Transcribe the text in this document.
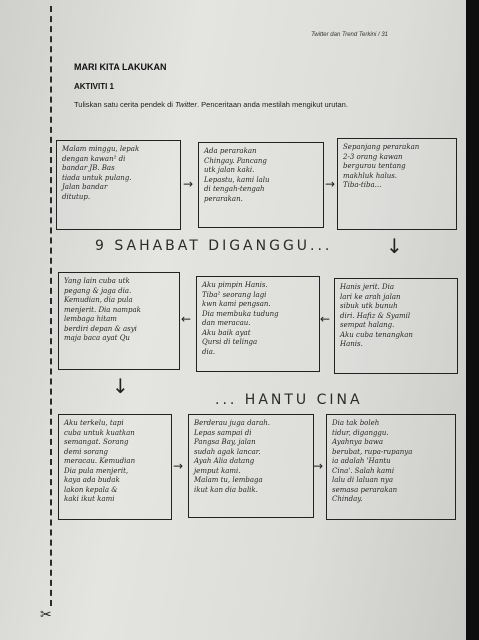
✂
Twitter dan Trend Terkini / 31
MARI KITA LAKUKAN
AKTIVITI 1
Tuliskan satu cerita pendek di Twitter. Penceritaan anda mestilah mengikut urutan.
Malam minggu, lepak
dengan kawan² di
bandar JB. Bas
tiada untuk pulang.
Jalan bandar
ditutup.
→
Ada perarakan
Chingay. Pancang
utk jalan kaki.
Lepastu, kami lalu
di tengah-tengah
perarakan.
→
Sepanjang perarakan
2-3 orang kawan
bergurau tentang
makhluk halus.
Tiba-tiba...
9 SAHABAT DIGANGGU...	↓
Yang lain cuba utk
pegang & jaga dia.
Kemudian, dia pula
menjerit. Dia nampak
lembaga hitam
berdiri depan & asyi
maja baca ayat Qu
←
Aku pimpin Hanis.
Tiba² seorang lagi
kwn kami pengsan.
Dia membuka tudung
dan meracau.
Aku baik ayat
Qursi di telinga
dia.
←
Hanis jerit. Dia
lari ke arah jalan
sibuk utk bunuh
diri. Hafiz & Syamil
sempat halang.
Aku cuba tenangkan
Hanis.
↓
... HANTU CINA
Aku terkelu, tapi
cuba untuk kuatkan
semangat. Sorang
demi sorang
meracau. Kemudian
Dia pula menjerit,
kaya ada budak
lakon kepala &
kaki ikut kami
→
Berderau juga darah.
Lepas sampai di
Pangsa Bay, jalan
sudah agak lancar.
Ayah Alia datang
jemput kami.
Malam tu, lembaga
ikut kan dia balik.
→
Dia tak boleh
tidur, diganggu.
Ayahnya bawa
berubat, rupa-rupanya
ia adalah 'Hantu
Cina'. Salah kami
lalu di laluan nya
semasa perarakan
Chinday.
